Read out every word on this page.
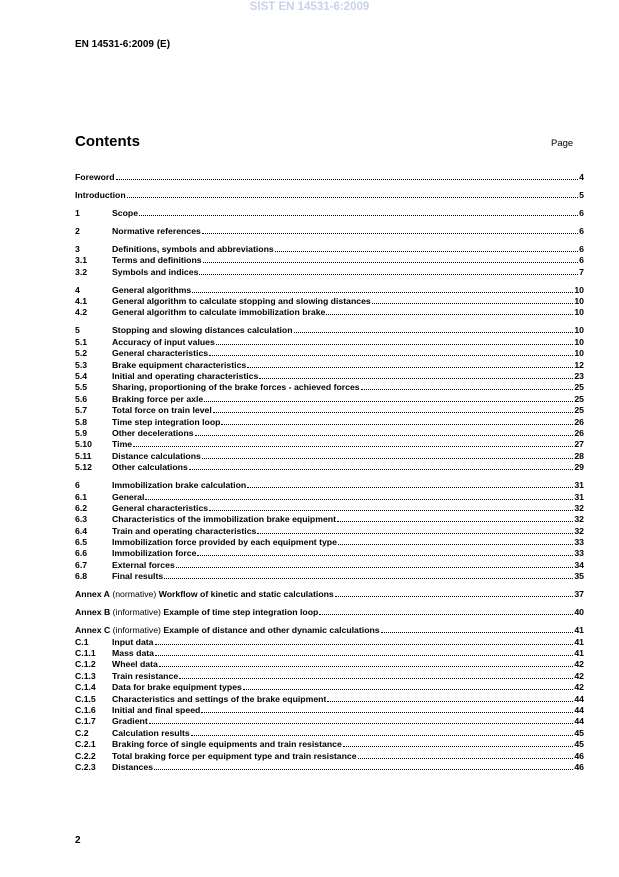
SIST EN 14531-6:2009
EN 14531-6:2009 (E)
Contents	Page
Foreword	4
Introduction	5
1	Scope	6
2	Normative references	6
3	Definitions, symbols and abbreviations	6
3.1	Terms and definitions	6
3.2	Symbols and indices	7
4	General algorithms	10
4.1	General algorithm to calculate stopping and slowing distances	10
4.2	General algorithm to calculate immobilization brake	10
5	Stopping and slowing distances calculation	10
5.1	Accuracy of input values	10
5.2	General characteristics	10
5.3	Brake equipment characteristics	12
5.4	Initial and operating characteristics	23
5.5	Sharing, proportioning of the brake forces - achieved forces	25
5.6	Braking force per axle	25
5.7	Total force on train level	25
5.8	Time step integration loop	26
5.9	Other decelerations	26
5.10	Time	27
5.11	Distance calculations	28
5.12	Other calculations	29
6	Immobilization brake calculation	31
6.1	General	31
6.2	General characteristics	32
6.3	Characteristics of the immobilization brake equipment	32
6.4	Train and operating characteristics	32
6.5	Immobilization force provided by each equipment type	33
6.6	Immobilization force	33
6.7	External forces	34
6.8	Final results	35
Annex A (normative) Workflow of kinetic and static calculations	37
Annex B (informative) Example of time step integration loop	40
Annex C (informative) Example of distance and other dynamic calculations	41
C.1	Input data	41
C.1.1	Mass data	41
C.1.2	Wheel data	42
C.1.3	Train resistance	42
C.1.4	Data for brake equipment types	42
C.1.5	Characteristics and settings of the brake equipment	44
C.1.6	Initial and final speed	44
C.1.7	Gradient	44
C.2	Calculation results	45
C.2.1	Braking force of single equipments and train resistance	45
C.2.2	Total braking force per equipment type and train resistance	46
C.2.3	Distances	46
2
